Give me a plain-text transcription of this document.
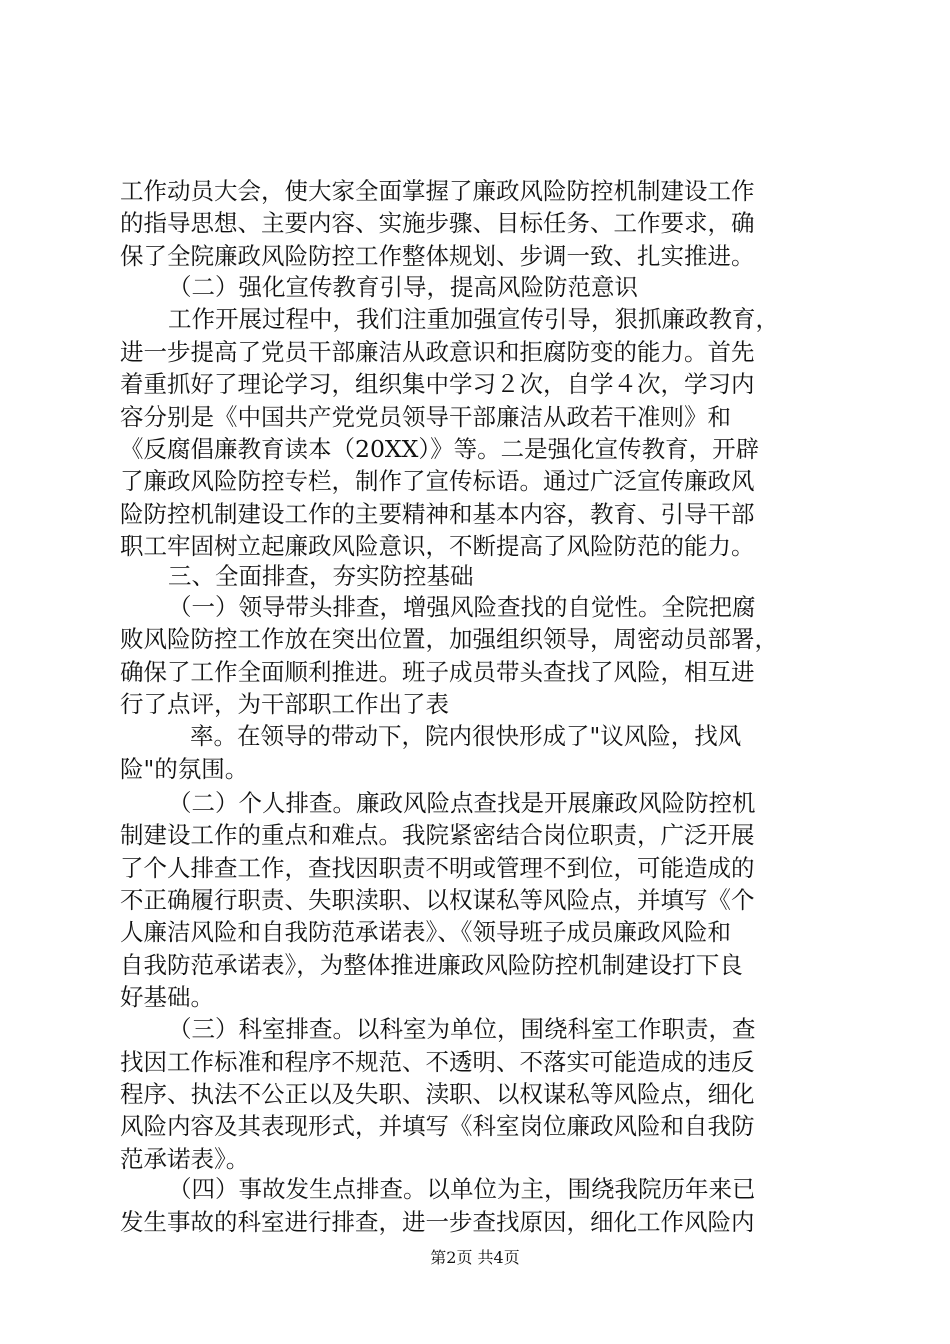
工作动员大会，使大家全面掌握了廉政风险防控机制建设工作
的指导思想、主要内容、实施步骤、目标任务、工作要求，确
保了全院廉政风险防控工作整体规划、步调一致、扎实推进。
（二）强化宣传教育引导，提高风险防范意识
工作开展过程中，我们注重加强宣传引导，狠抓廉政教育，
进一步提高了党员干部廉洁从政意识和拒腐防变的能力。首先
着重抓好了理论学习，组织集中学习２次，自学４次，学习内
容分别是《中国共产党党员领导干部廉洁从政若干准则》和
《反腐倡廉教育读本（20XX）》等。二是强化宣传教育，开辟
了廉政风险防控专栏，制作了宣传标语。通过广泛宣传廉政风
险防控机制建设工作的主要精神和基本内容，教育、引导干部
职工牢固树立起廉政风险意识，不断提高了风险防范的能力。
三、全面排查，夯实防控基础
（一）领导带头排查，增强风险查找的自觉性。全院把腐
败风险防控工作放在突出位置，加强组织领导，周密动员部署，
确保了工作全面顺利推进。班子成员带头查找了风险，相互进
行了点评，为干部职工作出了表
率。在领导的带动下，院内很快形成了"议风险，找风
险"的氛围。
（二）个人排查。廉政风险点查找是开展廉政风险防控机
制建设工作的重点和难点。我院紧密结合岗位职责，广泛开展
了个人排查工作，查找因职责不明或管理不到位，可能造成的
不正确履行职责、失职渎职、以权谋私等风险点，并填写《个
人廉洁风险和自我防范承诺表》、《领导班子成员廉政风险和
自我防范承诺表》，为整体推进廉政风险防控机制建设打下良
好基础。
（三）科室排查。以科室为单位，围绕科室工作职责，查
找因工作标准和程序不规范、不透明、不落实可能造成的违反
程序、执法不公正以及失职、渎职、以权谋私等风险点，细化
风险内容及其表现形式，并填写《科室岗位廉政风险和自我防
范承诺表》。
（四）事故发生点排查。以单位为主，围绕我院历年来已
发生事故的科室进行排查，进一步查找原因，细化工作风险内
第2页 共4页
